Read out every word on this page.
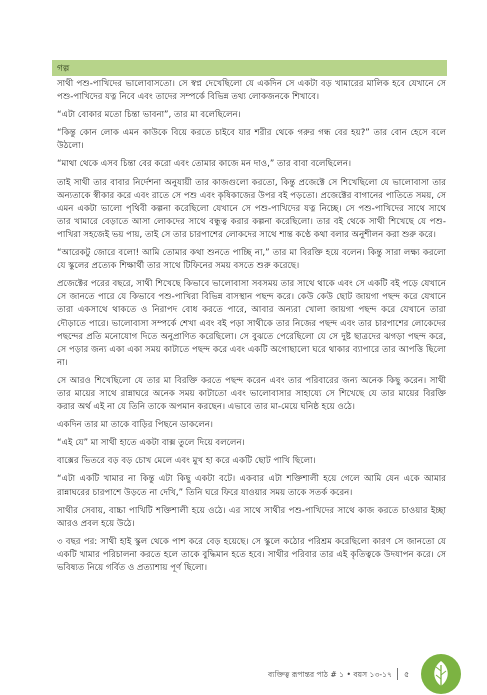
গল্প

সাথী পশু-পাখিদের ভালোবাসতো। সে স্বপ্ন দেখেছিলো যে একদিন সে একটা বড় খামারের মালিক হবে যেখানে সে পশু-পাখিদের যত্ন নিবে এবং তাদের সম্পর্কে বিভিন্ন তথ্য লোকজনকে শিখাবে।

“এটা বোকার মতো চিন্তা ভাবনা”, তার মা বলেছিলেন।

“কিন্তু কোন লোক এমন কাউকে বিয়ে করতে চাইবে যার শরীর থেকে গরুর গন্ধ বের হয়?” তার বোন হেসে বলে উঠলো।

“মাথা থেকে এসব চিন্তা বের করো এবং তোমার কাজে মন দাও,” তার বাবা বলেছিলেন।

তাই সাথী তার বাবার নির্দেশনা অনুযায়ী তার কাজগুলো করতো, কিন্তু প্রজেক্টে সে শিখেছিলো যে ভালোবাসা তার অন্যতাকে স্বীকার করে এবং রাতে সে পশু এবং কৃষিকাজের উপর বই পড়তো। প্রজেক্টের বাগানের পাতিতে সময়, সে এমন একটা ভালো পৃথিবী কল্পনা করেছিলো যেখানে সে পশু-পাখিদের যত্ন নিচ্ছে। সে পশু-পাখিদের সাথে সাথে তার খামারে বেড়াতে আসা লোকদের সাথে বন্ধুত্ব করার কল্পনা করেছিলো। তার বই থেকে সাথী শিখেছে যে পশু-পাখিরা সহজেই ভয় পায়, তাই সে তার চারপাশের লোকদের সাথে শান্ত কণ্ঠে কথা বলার অনুশীলন করা শুরু করে।

“আরেকটু জোরে বলো! আমি তোমার কথা শুনতে পাচ্ছি না,” তার মা বিরক্তি হয়ে বলেন। কিন্তু সারা লক্ষ্য করলো যে স্কুলের প্রত্যেক শিক্ষার্থী তার সাথে টিফিনের সময় বসতে শুরু করেছে।

প্রজেক্টের পরের বছরে, সাথী শিখেছে কিভাবে ভালোবাসা সবসময় তার সাথে থাকে এবং সে একটি বই পড়ে যেখানে সে জানতে পারে যে কিভাবে পশু-পাখিরা বিভিন্ন বাসস্থান পছন্দ করে। কেউ কেউ ছোট জায়গা পছন্দ করে যেখানে তারা একসাথে থাকতে ও নিরাপদ বোধ করতে পারে, আবার অন্যরা খোলা জায়গা পছন্দ করে যেখানে তারা দৌড়াতে পারে। ভালোবাসা সম্পর্কে শেখা এবং বই পড়া সাথীকে তার নিজের পছন্দ এবং তার চারপাশের লোকেদের পছন্দের প্রতি মনোযোগ দিতে অনুপ্রাণিত করেছিলো। সে বুঝতে পেরেছিলো যে সে দুষ্ট ছাত্রদের ঝগড়া পছন্দ করে, সে পড়ার জন্য একা একা সময় কাটাতে পছন্দ করে এবং একটি অগোছালো ঘরে থাকার ব্যাপারে তার আপত্তি ছিলো না।

সে আরও শিখেছিলো যে তার মা বিরক্তি করতে পছন্দ করেন এবং তার পরিবারের জন্য অনেক কিছু করেন। সাথী তার মায়ের সাথে রান্নাঘরে অনেক সময় কাটাতো এবং ভালোবাসার সাহায্যে সে শিখেছে যে তার মায়ের বিরক্তি করার অর্থ এই না যে তিনি তাকে অপমান করছেন। এভাবে তার মা-মেয়ে ঘনিষ্ঠ হয়ে ওঠে।

একদিন তার মা তাকে বাড়ির পিছনে ডাকলেন।

“এই যে” মা সাথী হাতে একটা বাক্স তুলে দিয়ে বললেন।

বাক্সের ভিতরে বড় বড় চোখ মেলে এবং মুখ হা করে একটি ছোট পাখি ছিলো।

“এটা একটি খামার না কিন্তু এটা কিছু একটা বটে। একবার এটা শক্তিশালী হয়ে গেলে আমি যেন একে আমার রান্নাঘরের চারপাশে উড়তে না দেখি,” তিনি ঘরে ফিরে যাওয়ার সময় তাকে সতর্ক করেন।

সাথীর সেবায়, বাচ্চা পাখিটি শক্তিশালী হয়ে ওঠে। এর সাথে সাথীর পশু-পাখিদের সাথে কাজ করতে চাওয়ার ইচ্ছা আরও প্রবল হয়ে উঠে।

৩ বছর পর: সাথী হাই স্কুল থেকে পাশ করে বেড় হয়েছে। সে স্কুলে কঠোর পরিশ্রম করেছিলো কারণ সে জানতো যে একটি খামার পরিচালনা করতে হলে তাকে বুদ্ধিমান হতে হবে। সাথীর পরিবার তার এই কৃতিত্বকে উদযাপন করে। সে ভবিষ্যত নিয়ে গর্বিত ও প্রত্যাশায় পূর্ণ ছিলো।

ব্যক্তিত্ব রূপান্তর পাঠ # ১ • বয়স ১৩-১৭ ৫
